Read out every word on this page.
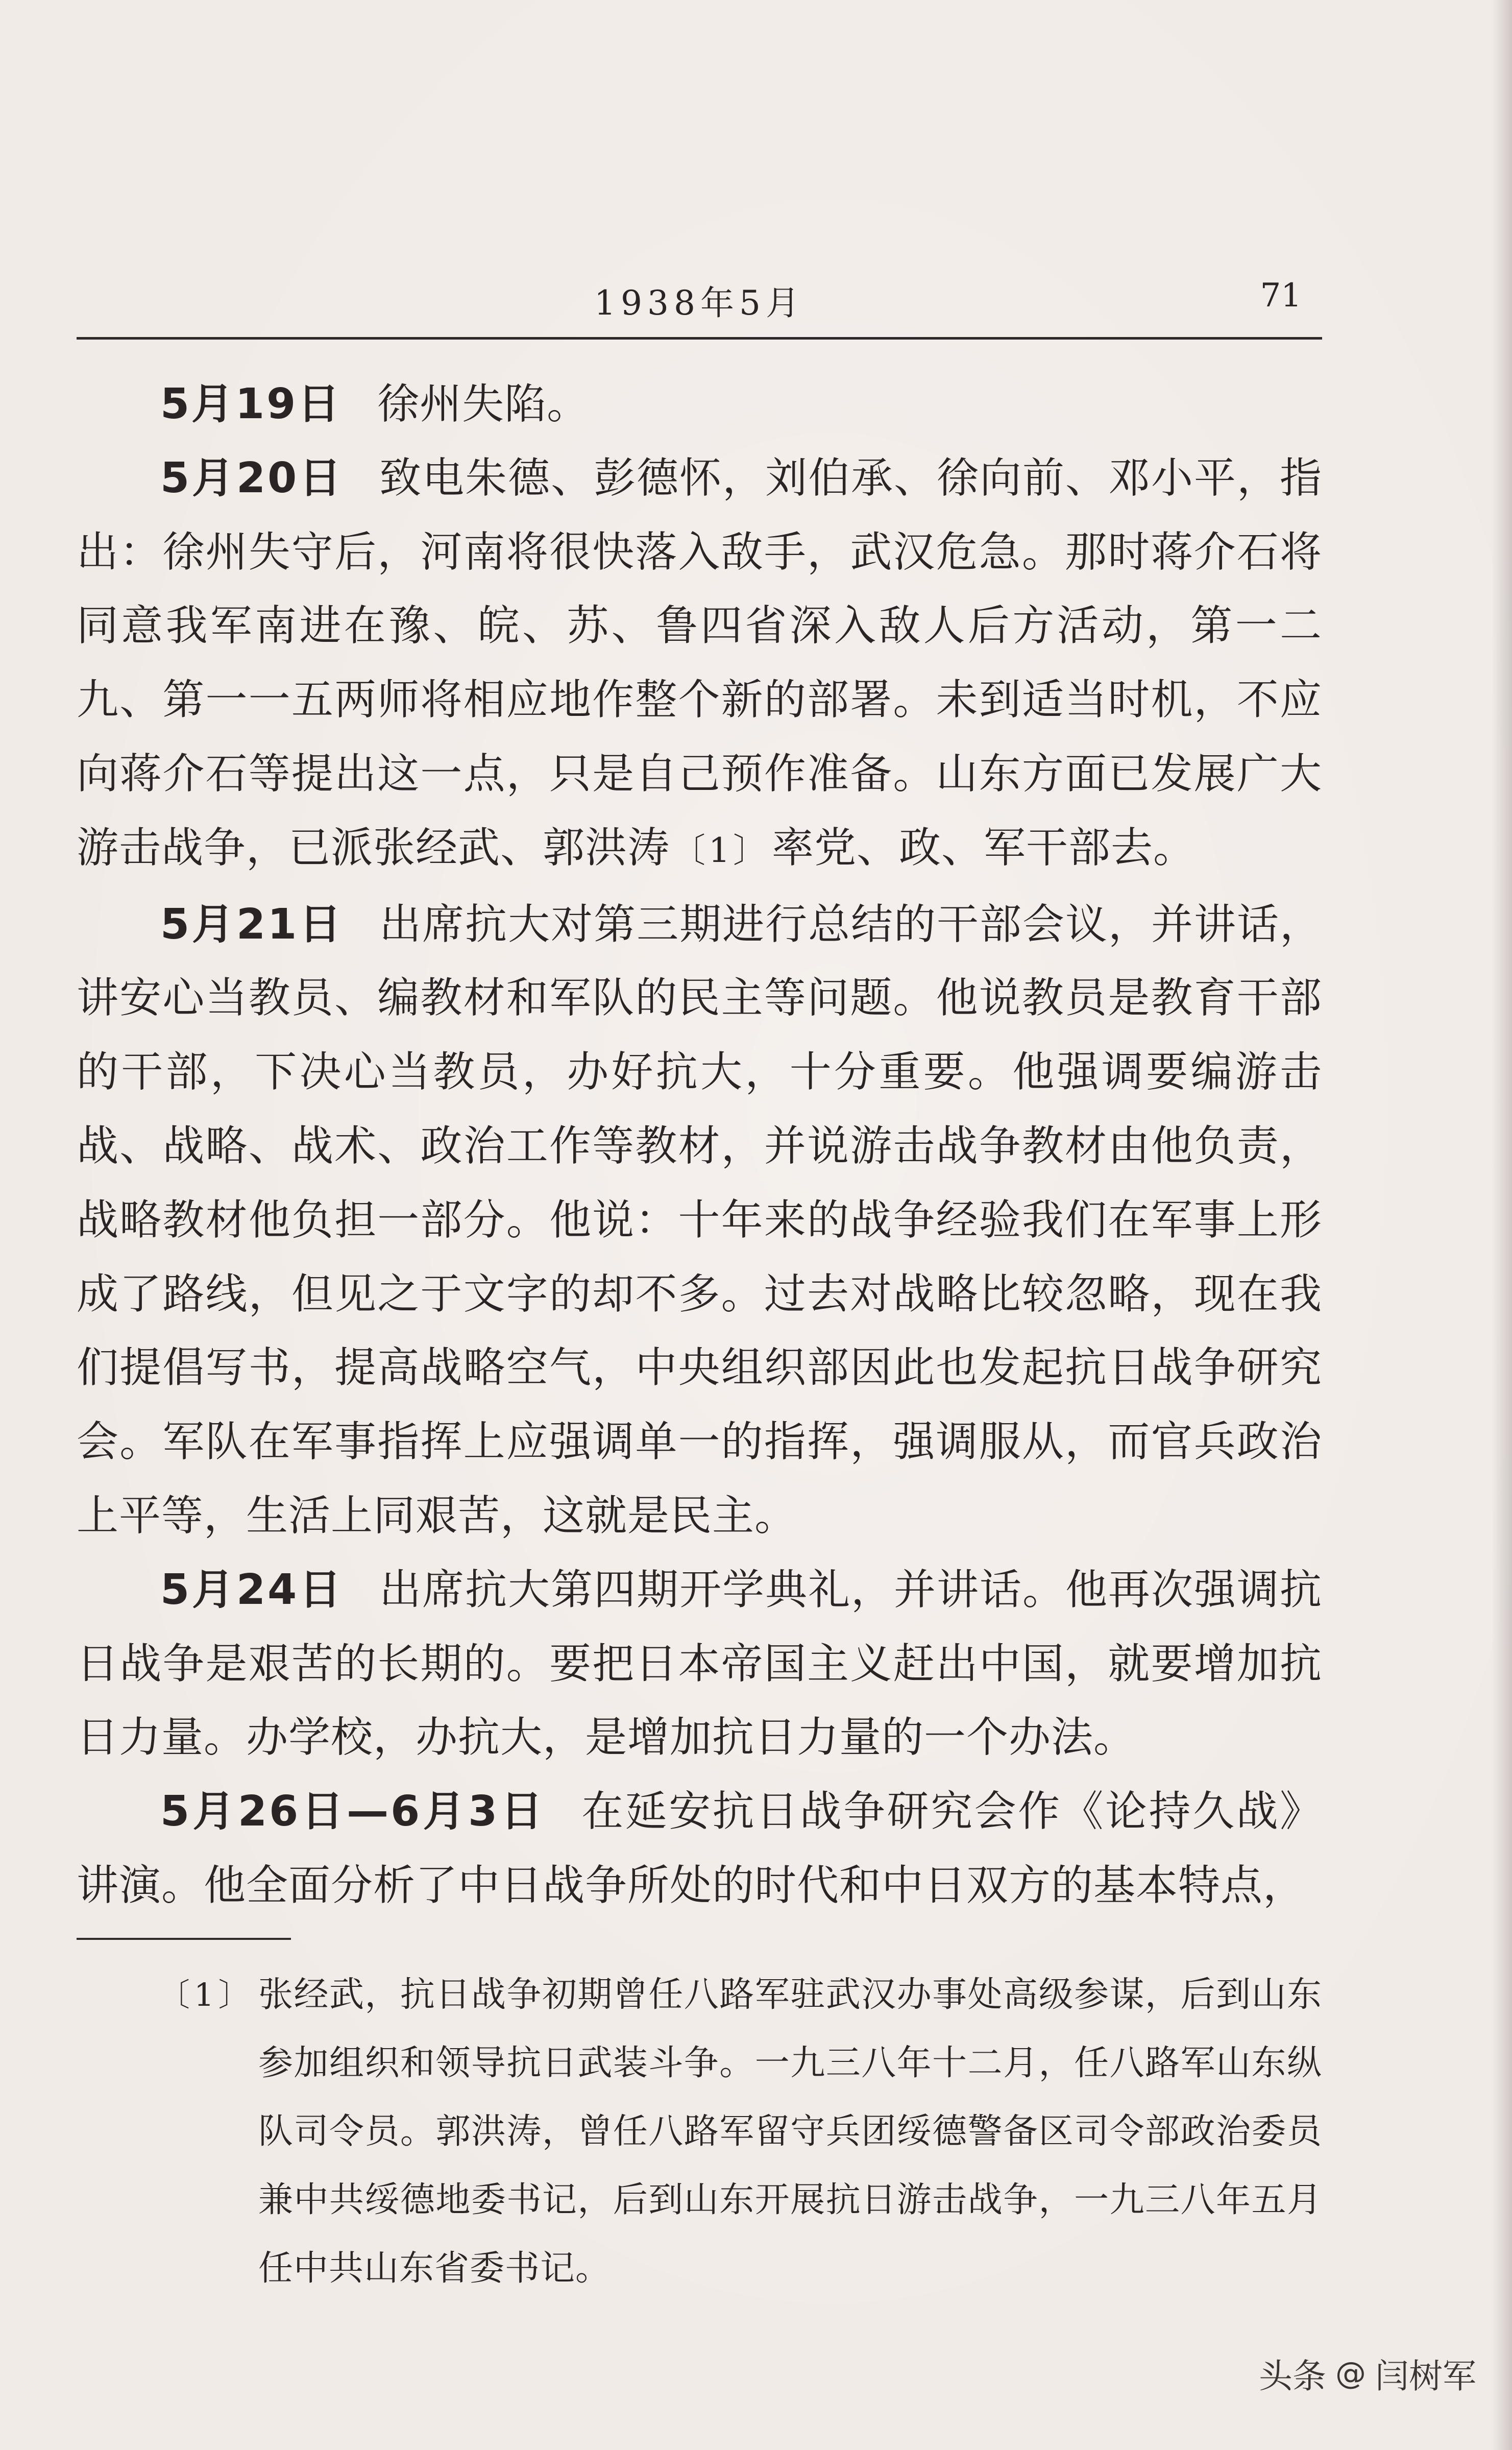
1938年5月	71

5月19日 徐州失陷。

5月20日 致电朱德、彭德怀，刘伯承、徐向前、邓小平，指出：徐州失守后，河南将很快落入敌手，武汉危急。那时蒋介石将同意我军南进在豫、皖、苏、鲁四省深入敌人后方活动，第一二九、第一一五两师将相应地作整个新的部署。未到适当时机，不应向蒋介石等提出这一点，只是自己预作准备。山东方面已发展广大游击战争，已派张经武、郭洪涛〔1〕率党、政、军干部去。

5月21日 出席抗大对第三期进行总结的干部会议，并讲话，讲安心当教员、编教材和军队的民主等问题。他说教员是教育干部的干部，下决心当教员，办好抗大，十分重要。他强调要编游击战、战略、战术、政治工作等教材，并说游击战争教材由他负责，战略教材他负担一部分。他说：十年来的战争经验我们在军事上形成了路线，但见之于文字的却不多。过去对战略比较忽略，现在我们提倡写书，提高战略空气，中央组织部因此也发起抗日战争研究会。军队在军事指挥上应强调单一的指挥，强调服从，而官兵政治上平等，生活上同艰苦，这就是民主。

5月24日 出席抗大第四期开学典礼，并讲话。他再次强调抗日战争是艰苦的长期的。要把日本帝国主义赶出中国，就要增加抗日力量。办学校，办抗大，是增加抗日力量的一个办法。

5月26日—6月3日 在延安抗日战争研究会作《论持久战》讲演。他全面分析了中日战争所处的时代和中日双方的基本特点，

〔1〕 张经武，抗日战争初期曾任八路军驻武汉办事处高级参谋，后到山东参加组织和领导抗日武装斗争。一九三八年十二月，任八路军山东纵队司令员。郭洪涛，曾任八路军留守兵团绥德警备区司令部政治委员兼中共绥德地委书记，后到山东开展抗日游击战争，一九三八年五月任中共山东省委书记。
头条 @ 闫树军
